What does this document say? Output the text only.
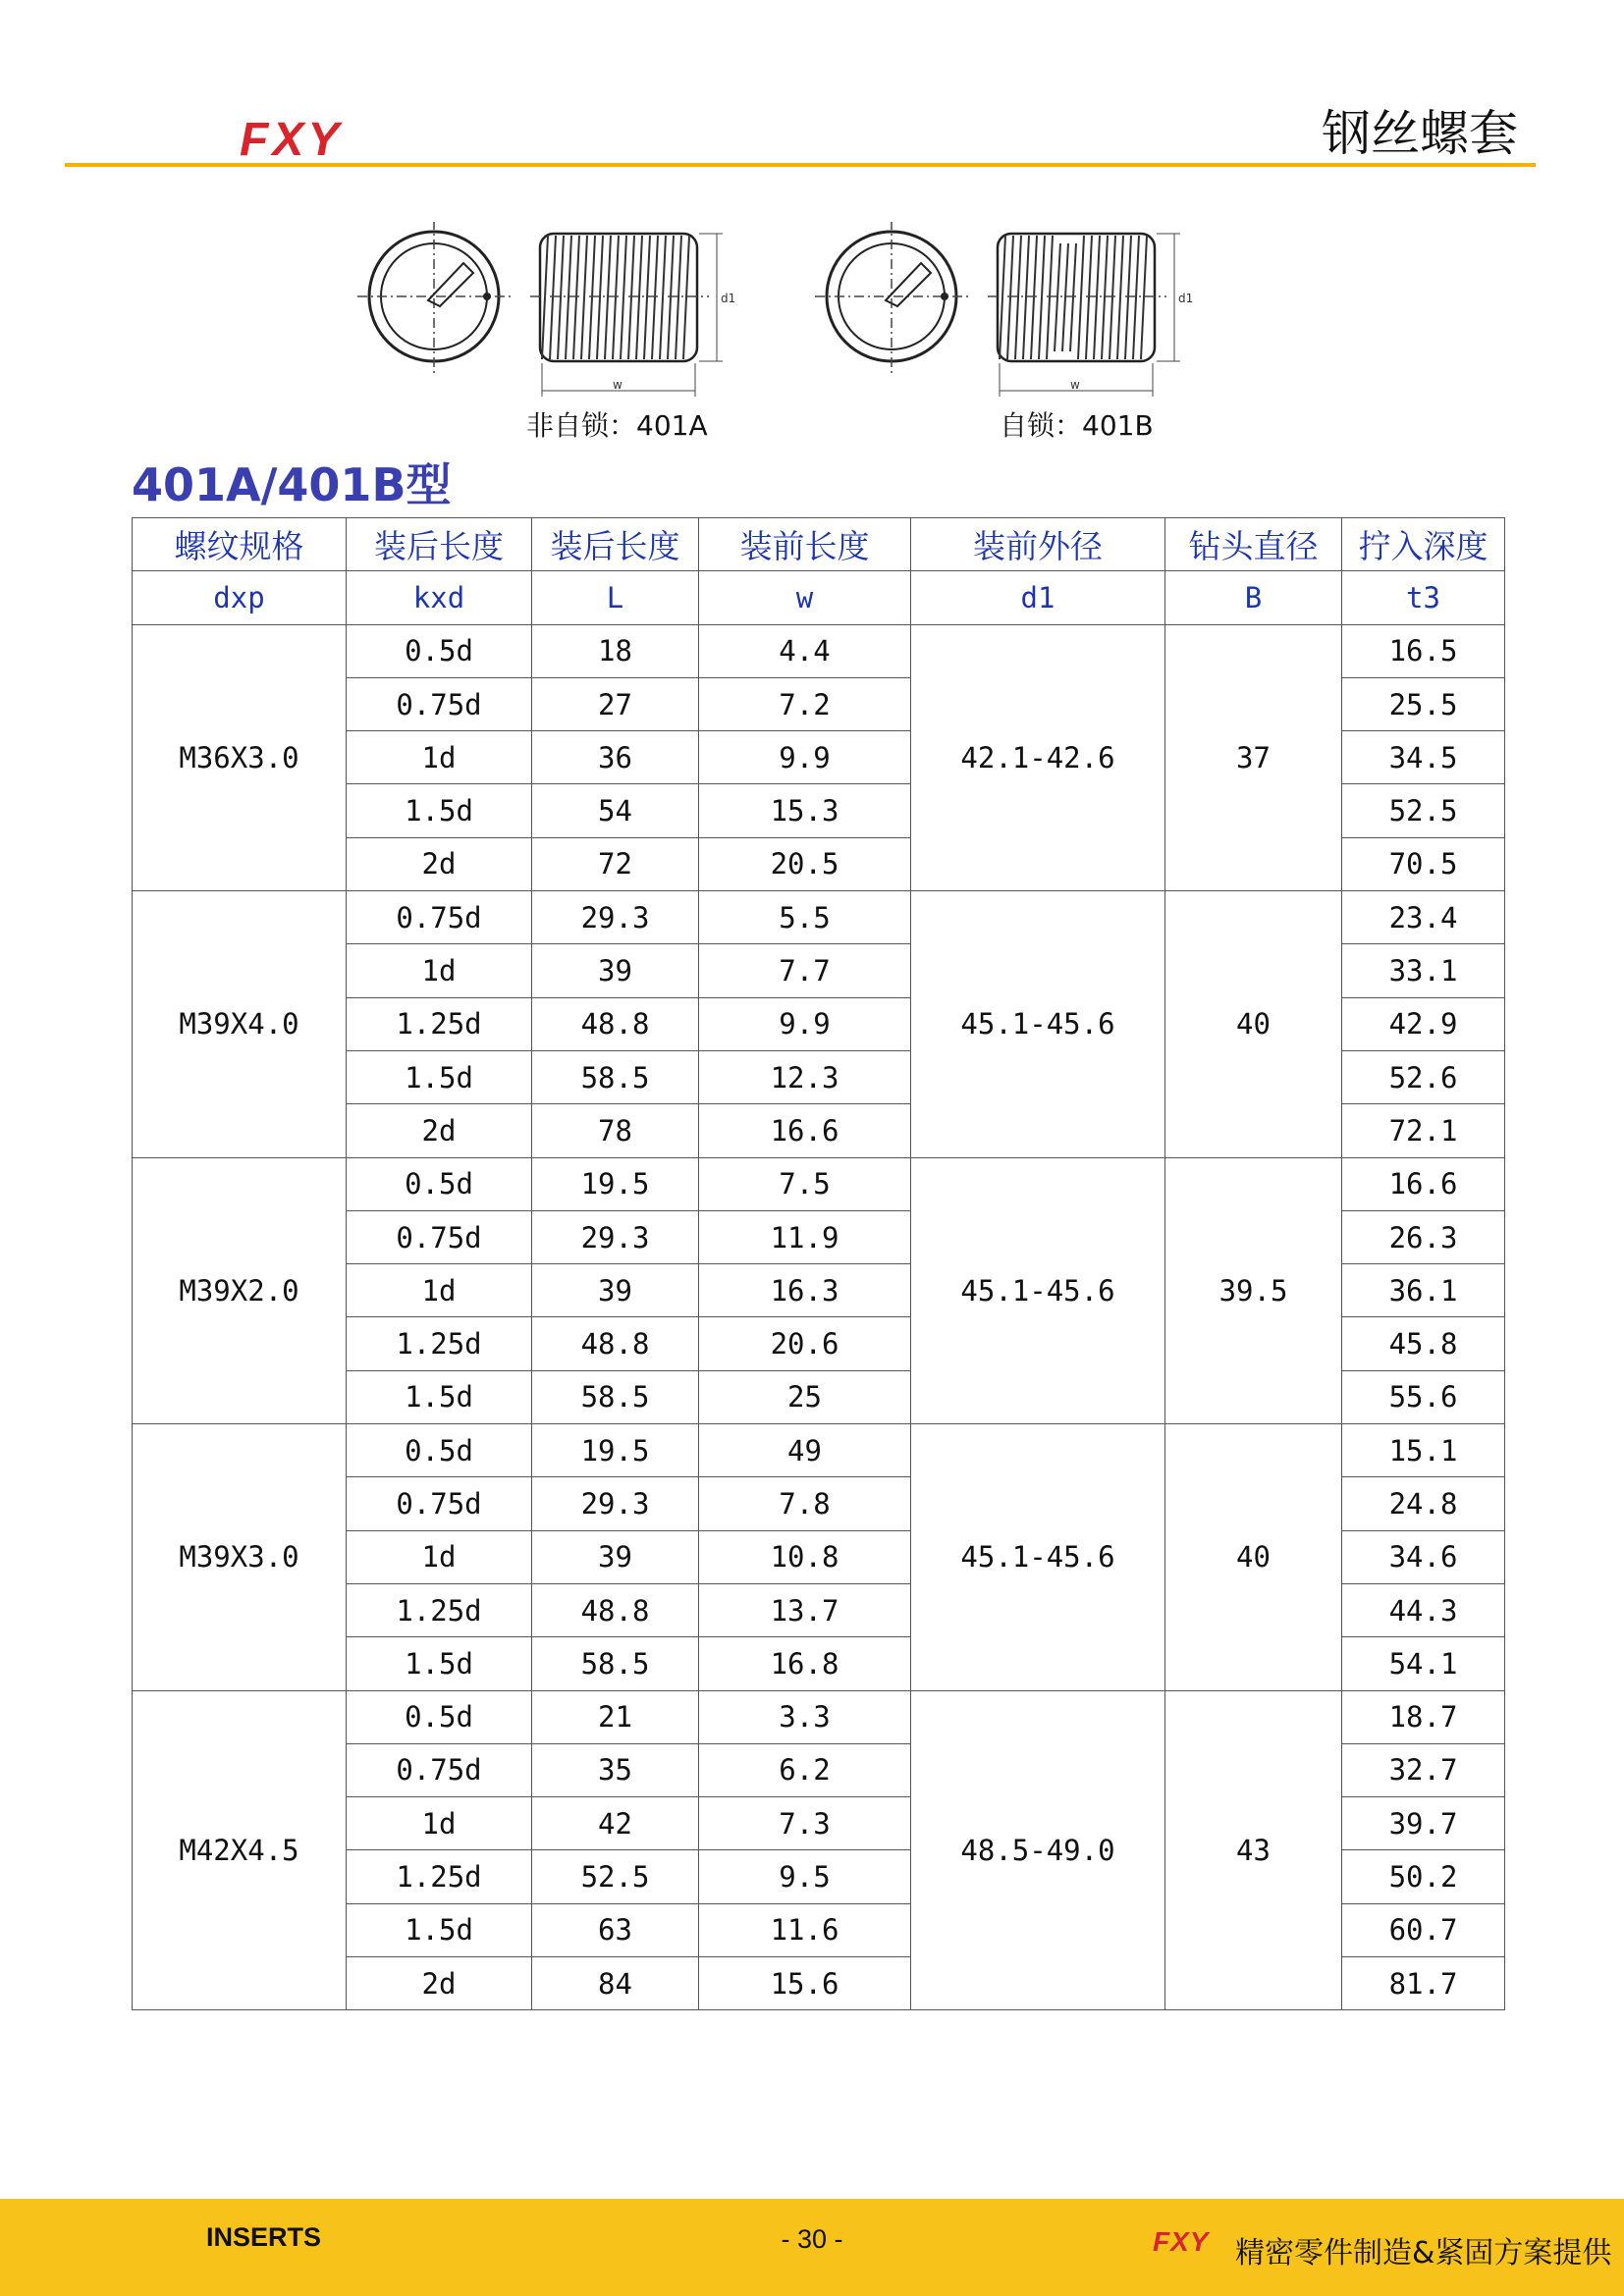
FXY	钢丝螺套
d1
w
d1
w
非自锁：401A	自锁：401B
401A/401B型
螺纹规格	装后长度	装后长度	装前长度	装前外径	钻头直径	拧入深度
dxp	kxd	L	w	d1	B	t3
M36X3.0	0.5d	18	4.4	42.1-42.6	37	16.5
	0.75d	27	7.2			25.5
	1d	36	9.9			34.5
	1.5d	54	15.3			52.5
	2d	72	20.5			70.5
M39X4.0	0.75d	29.3	5.5	45.1-45.6	40	23.4
	1d	39	7.7			33.1
	1.25d	48.8	9.9			42.9
	1.5d	58.5	12.3			52.6
	2d	78	16.6			72.1
M39X2.0	0.5d	19.5	7.5	45.1-45.6	39.5	16.6
	0.75d	29.3	11.9			26.3
	1d	39	16.3			36.1
	1.25d	48.8	20.6			45.8
	1.5d	58.5	25			55.6
M39X3.0	0.5d	19.5	49	45.1-45.6	40	15.1
	0.75d	29.3	7.8			24.8
	1d	39	10.8			34.6
	1.25d	48.8	13.7			44.3
	1.5d	58.5	16.8			54.1
M42X4.5	0.5d	21	3.3	48.5-49.0	43	18.7
	0.75d	35	6.2			32.7
	1d	42	7.3			39.7
	1.25d	52.5	9.5			50.2
	1.5d	63	11.6			60.7
	2d	84	15.6			81.7
INSERTS	- 30 -	FXY 精密零件制造&紧固方案提供
